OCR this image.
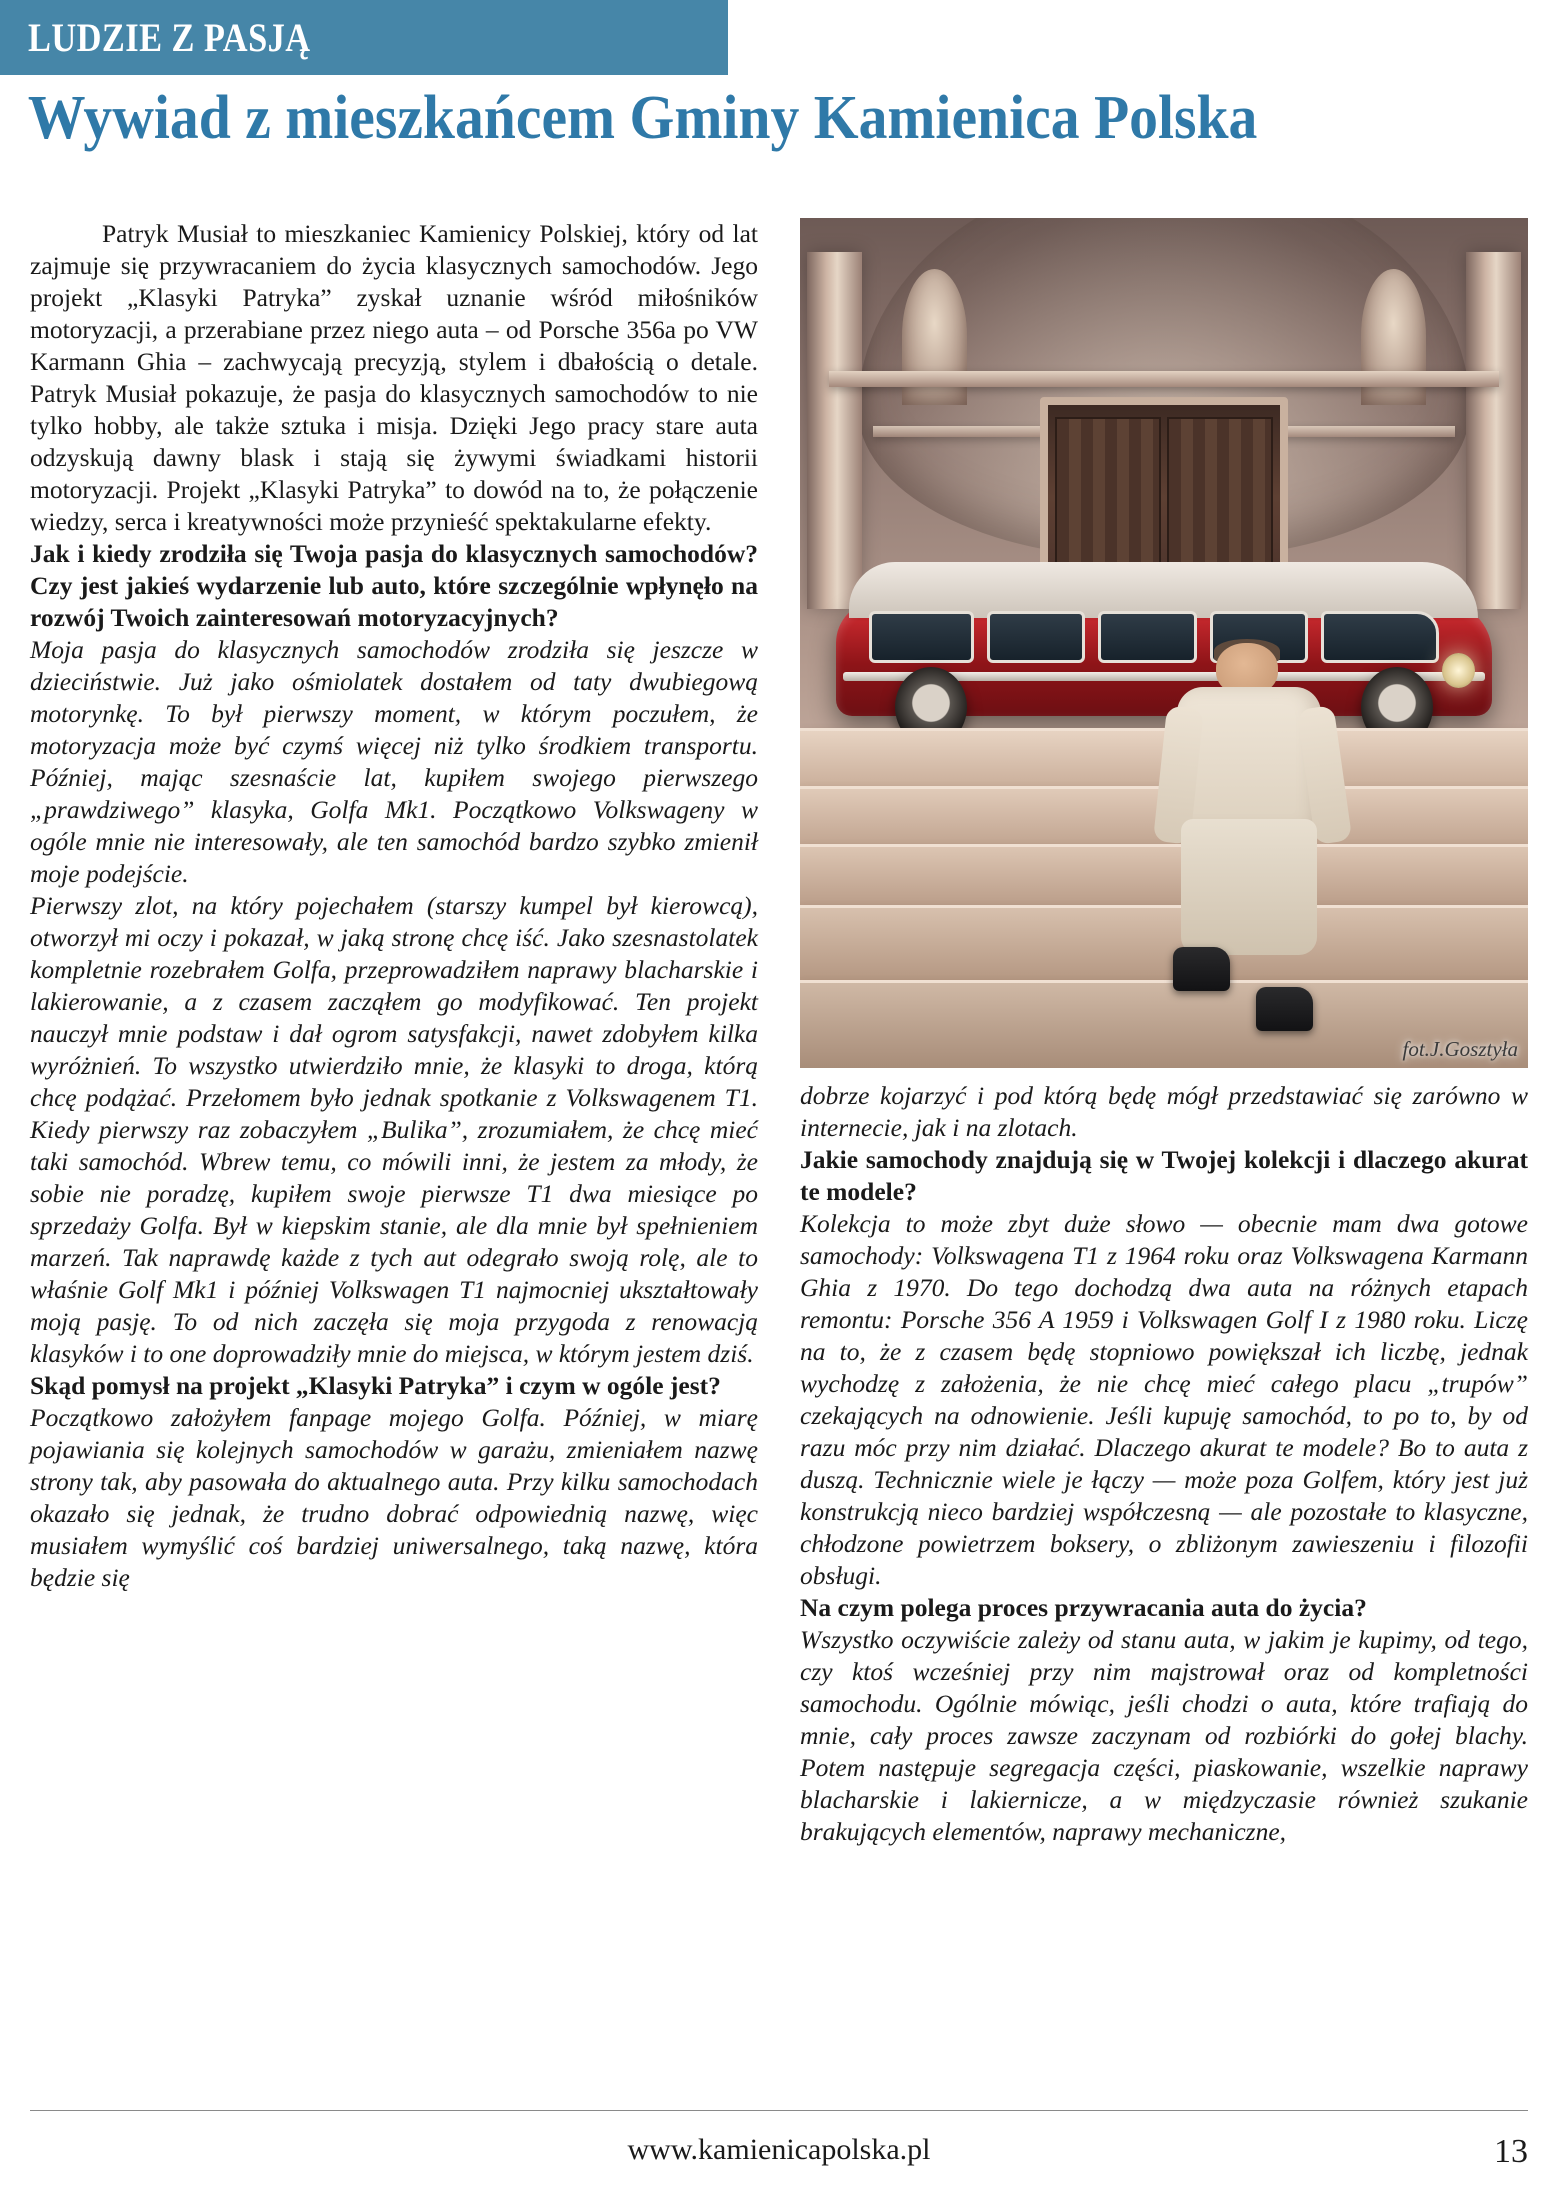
LUDZIE Z PASJĄ
Wywiad z mieszkańcem Gminy Kamienica Polska

Patryk Musiał to mieszkaniec Kamienicy Polskiej, który od lat zajmuje się przywracaniem do życia klasycznych samochodów. Jego projekt „Klasyki Patryka” zyskał uznanie wśród miłośników motoryzacji, a przerabiane przez niego auta – od Porsche 356a po VW Karmann Ghia – zachwycają precyzją, stylem i dbałością o detale. Patryk Musiał pokazuje, że pasja do klasycznych samochodów to nie tylko hobby, ale także sztuka i misja. Dzięki Jego pracy stare auta odzyskują dawny blask i stają się żywymi świadkami historii motoryzacji. Projekt „Klasyki Patryka” to dowód na to, że połączenie wiedzy, serca i kreatywności może przynieść spektakularne efekty.

Jak i kiedy zrodziła się Twoja pasja do klasycznych samochodów? Czy jest jakieś wydarzenie lub auto, które szczególnie wpłynęło na rozwój Twoich zainteresowań motoryzacyjnych?

Moja pasja do klasycznych samochodów zrodziła się jeszcze w dzieciństwie. Już jako ośmiolatek dostałem od taty dwubiegową motorynkę. To był pierwszy moment, w którym poczułem, że motoryzacja może być czymś więcej niż tylko środkiem transportu. Później, mając szesnaście lat, kupiłem swojego pierwszego „prawdziwego” klasyka, Golfa Mk1. Początkowo Volkswageny w ogóle mnie nie interesowały, ale ten samochód bardzo szybko zmienił moje podejście.

Pierwszy zlot, na który pojechałem (starszy kumpel był kierowcą), otworzył mi oczy i pokazał, w jaką stronę chcę iść. Jako szesnastolatek kompletnie rozebrałem Golfa, przeprowadziłem naprawy blacharskie i lakierowanie, a z czasem zacząłem go modyfikować. Ten projekt nauczył mnie podstaw i dał ogrom satysfakcji, nawet zdobyłem kilka wyróżnień. To wszystko utwierdziło mnie, że klasyki to droga, którą chcę podążać. Przełomem było jednak spotkanie z Volkswagenem T1. Kiedy pierwszy raz zobaczyłem „Bulika”, zrozumiałem, że chcę mieć taki samochód. Wbrew temu, co mówili inni, że jestem za młody, że sobie nie poradzę, kupiłem swoje pierwsze T1 dwa miesiące po sprzedaży Golfa. Był w kiepskim stanie, ale dla mnie był spełnieniem marzeń. Tak naprawdę każde z tych aut odegrało swoją rolę, ale to właśnie Golf Mk1 i później Volkswagen T1 najmocniej ukształtowały moją pasję. To od nich zaczęła się moja przygoda z renowacją klasyków i to one doprowadziły mnie do miejsca, w którym jestem dziś.

Skąd pomysł na projekt „Klasyki Patryka” i czym w ogóle jest?

Początkowo założyłem fanpage mojego Golfa. Później, w miarę pojawiania się kolejnych samochodów w garażu, zmieniałem nazwę strony tak, aby pasowała do aktualnego auta. Przy kilku samochodach okazało się jednak, że trudno dobrać odpowiednią nazwę, więc musiałem wymyślić coś bardziej uniwersalnego, taką nazwę, która będzie się

fot.J.Gosztyła

dobrze kojarzyć i pod którą będę mógł przedstawiać się zarówno w internecie, jak i na zlotach.

Jakie samochody znajdują się w Twojej kolekcji i dlaczego akurat te modele?

Kolekcja to może zbyt duże słowo — obecnie mam dwa gotowe samochody: Volkswagena T1 z 1964 roku oraz Volkswagena Karmann Ghia z 1970. Do tego dochodzą dwa auta na różnych etapach remontu: Porsche 356 A 1959 i Volkswagen Golf I z 1980 roku. Liczę na to, że z czasem będę stopniowo powiększał ich liczbę, jednak wychodzę z założenia, że nie chcę mieć całego placu „trupów” czekających na odnowienie. Jeśli kupuję samochód, to po to, by od razu móc przy nim działać. Dlaczego akurat te modele? Bo to auta z duszą. Technicznie wiele je łączy — może poza Golfem, który jest już konstrukcją nieco bardziej współczesną — ale pozostałe to klasyczne, chłodzone powietrzem boksery, o zbliżonym zawieszeniu i filozofii obsługi.

Na czym polega proces przywracania auta do życia?

Wszystko oczywiście zależy od stanu auta, w jakim je kupimy, od tego, czy ktoś wcześniej przy nim majstrował oraz od kompletności samochodu. Ogólnie mówiąc, jeśli chodzi o auta, które trafiają do mnie, cały proces zawsze zaczynam od rozbiórki do gołej blachy. Potem następuje segregacja części, piaskowanie, wszelkie naprawy blacharskie i lakiernicze, a w międzyczasie również szukanie brakujących elementów, naprawy mechaniczne,

www.kamienicapolska.pl	13
